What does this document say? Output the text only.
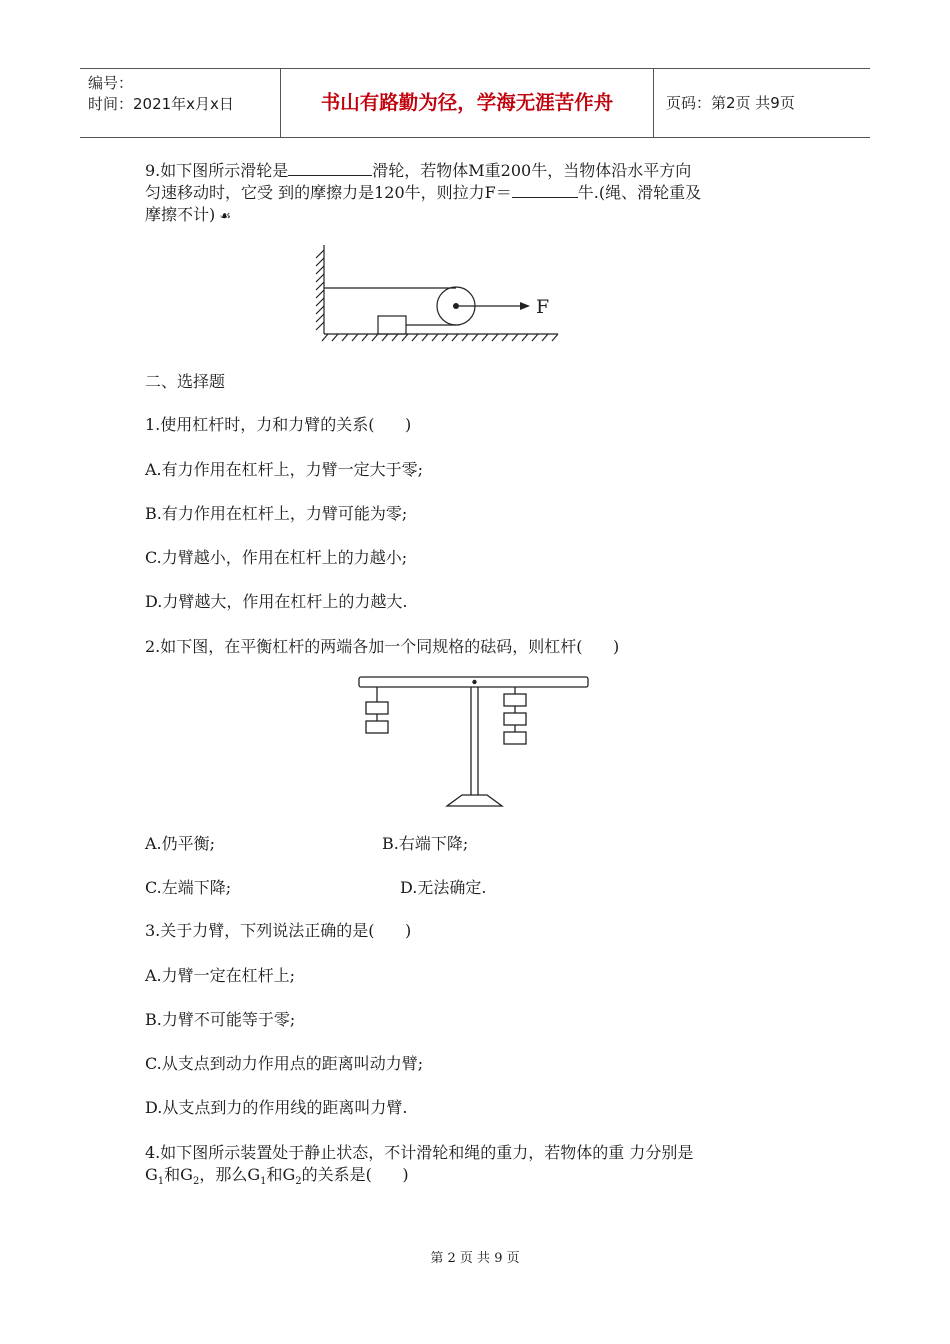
编号：
时间：2021年x月x日	书山有路勤为径，学海无涯苦作舟	页码：第2页 共9页
9.如下图所示滑轮是	滑轮，若物体M重200牛，当物体沿水平方向
匀速移动时，它受 到的摩擦力是120牛，则拉力F＝	牛.(绳、滑轮重及
摩擦不计) ☙
F
二、选择题
1.使用杠杆时，力和力臂的关系(      )
A.有力作用在杠杆上，力臂一定大于零;
B.有力作用在杠杆上，力臂可能为零;
C.力臂越小，作用在杠杆上的力越小;
D.力臂越大，作用在杠杆上的力越大.
2.如下图，在平衡杠杆的两端各加一个同规格的砝码，则杠杆(      )
A.仍平衡;	B.右端下降;
C.左端下降;	D.无法确定.
3.关于力臂，下列说法正确的是(      )
A.力臂一定在杠杆上;
B.力臂不可能等于零;
C.从支点到动力作用点的距离叫动力臂;
D.从支点到力的作用线的距离叫力臂.
4.如下图所示装置处于静止状态，不计滑轮和绳的重力，若物体的重 力分别是
$G_1$和$G_2$，那么$G_1$和$G_2$的关系是(      )
第 2 页 共 9 页
